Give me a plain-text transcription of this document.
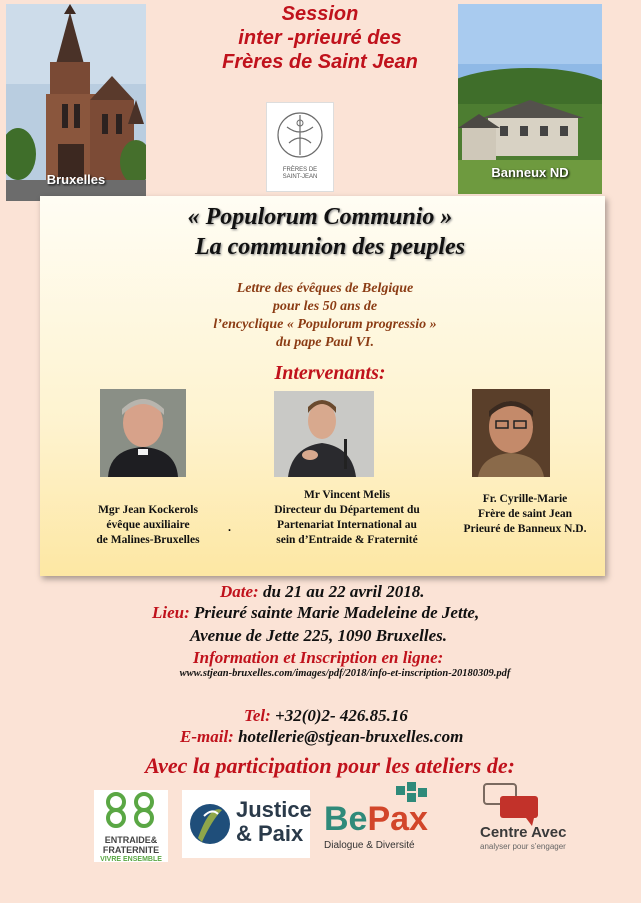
Session
inter -prieuré des
Frères de Saint Jean
Bruxelles	Banneux ND
FRÈRES DE
SAINT-JEAN
« Populorum Communio »
La communion des peuples
Lettre des évêques de Belgique
pour les 50 ans de
l’encyclique « Populorum progressio »
du pape Paul VI.
Intervenants:
Mgr Jean Kockerols
évêque auxiliaire
de Malines-Bruxelles
.
Mr Vincent Melis
Directeur du Département du
Partenariat International au
sein d’Entraide & Fraternité
Fr. Cyrille-Marie
Frère de saint Jean
Prieuré de Banneux N.D.
Date: du 21 au 22 avril 2018.
Lieu: Prieuré sainte Marie Madeleine de Jette,
Avenue de Jette 225, 1090 Bruxelles.
Information et Inscription en ligne:
www.stjean-bruxelles.com/images/pdf/2018/info-et-inscription-20180309.pdf
Tel: +32(0)2- 426.85.16
E-mail: hotellerie@stjean-bruxelles.com
Avec la participation pour les ateliers de:
ENTRAIDE&
FRATERNITE
VIVRE ENSEMBLE
Justice
& Paix BePax
Dialogue & Diversité
Centre Avec
analyser pour s’engager
